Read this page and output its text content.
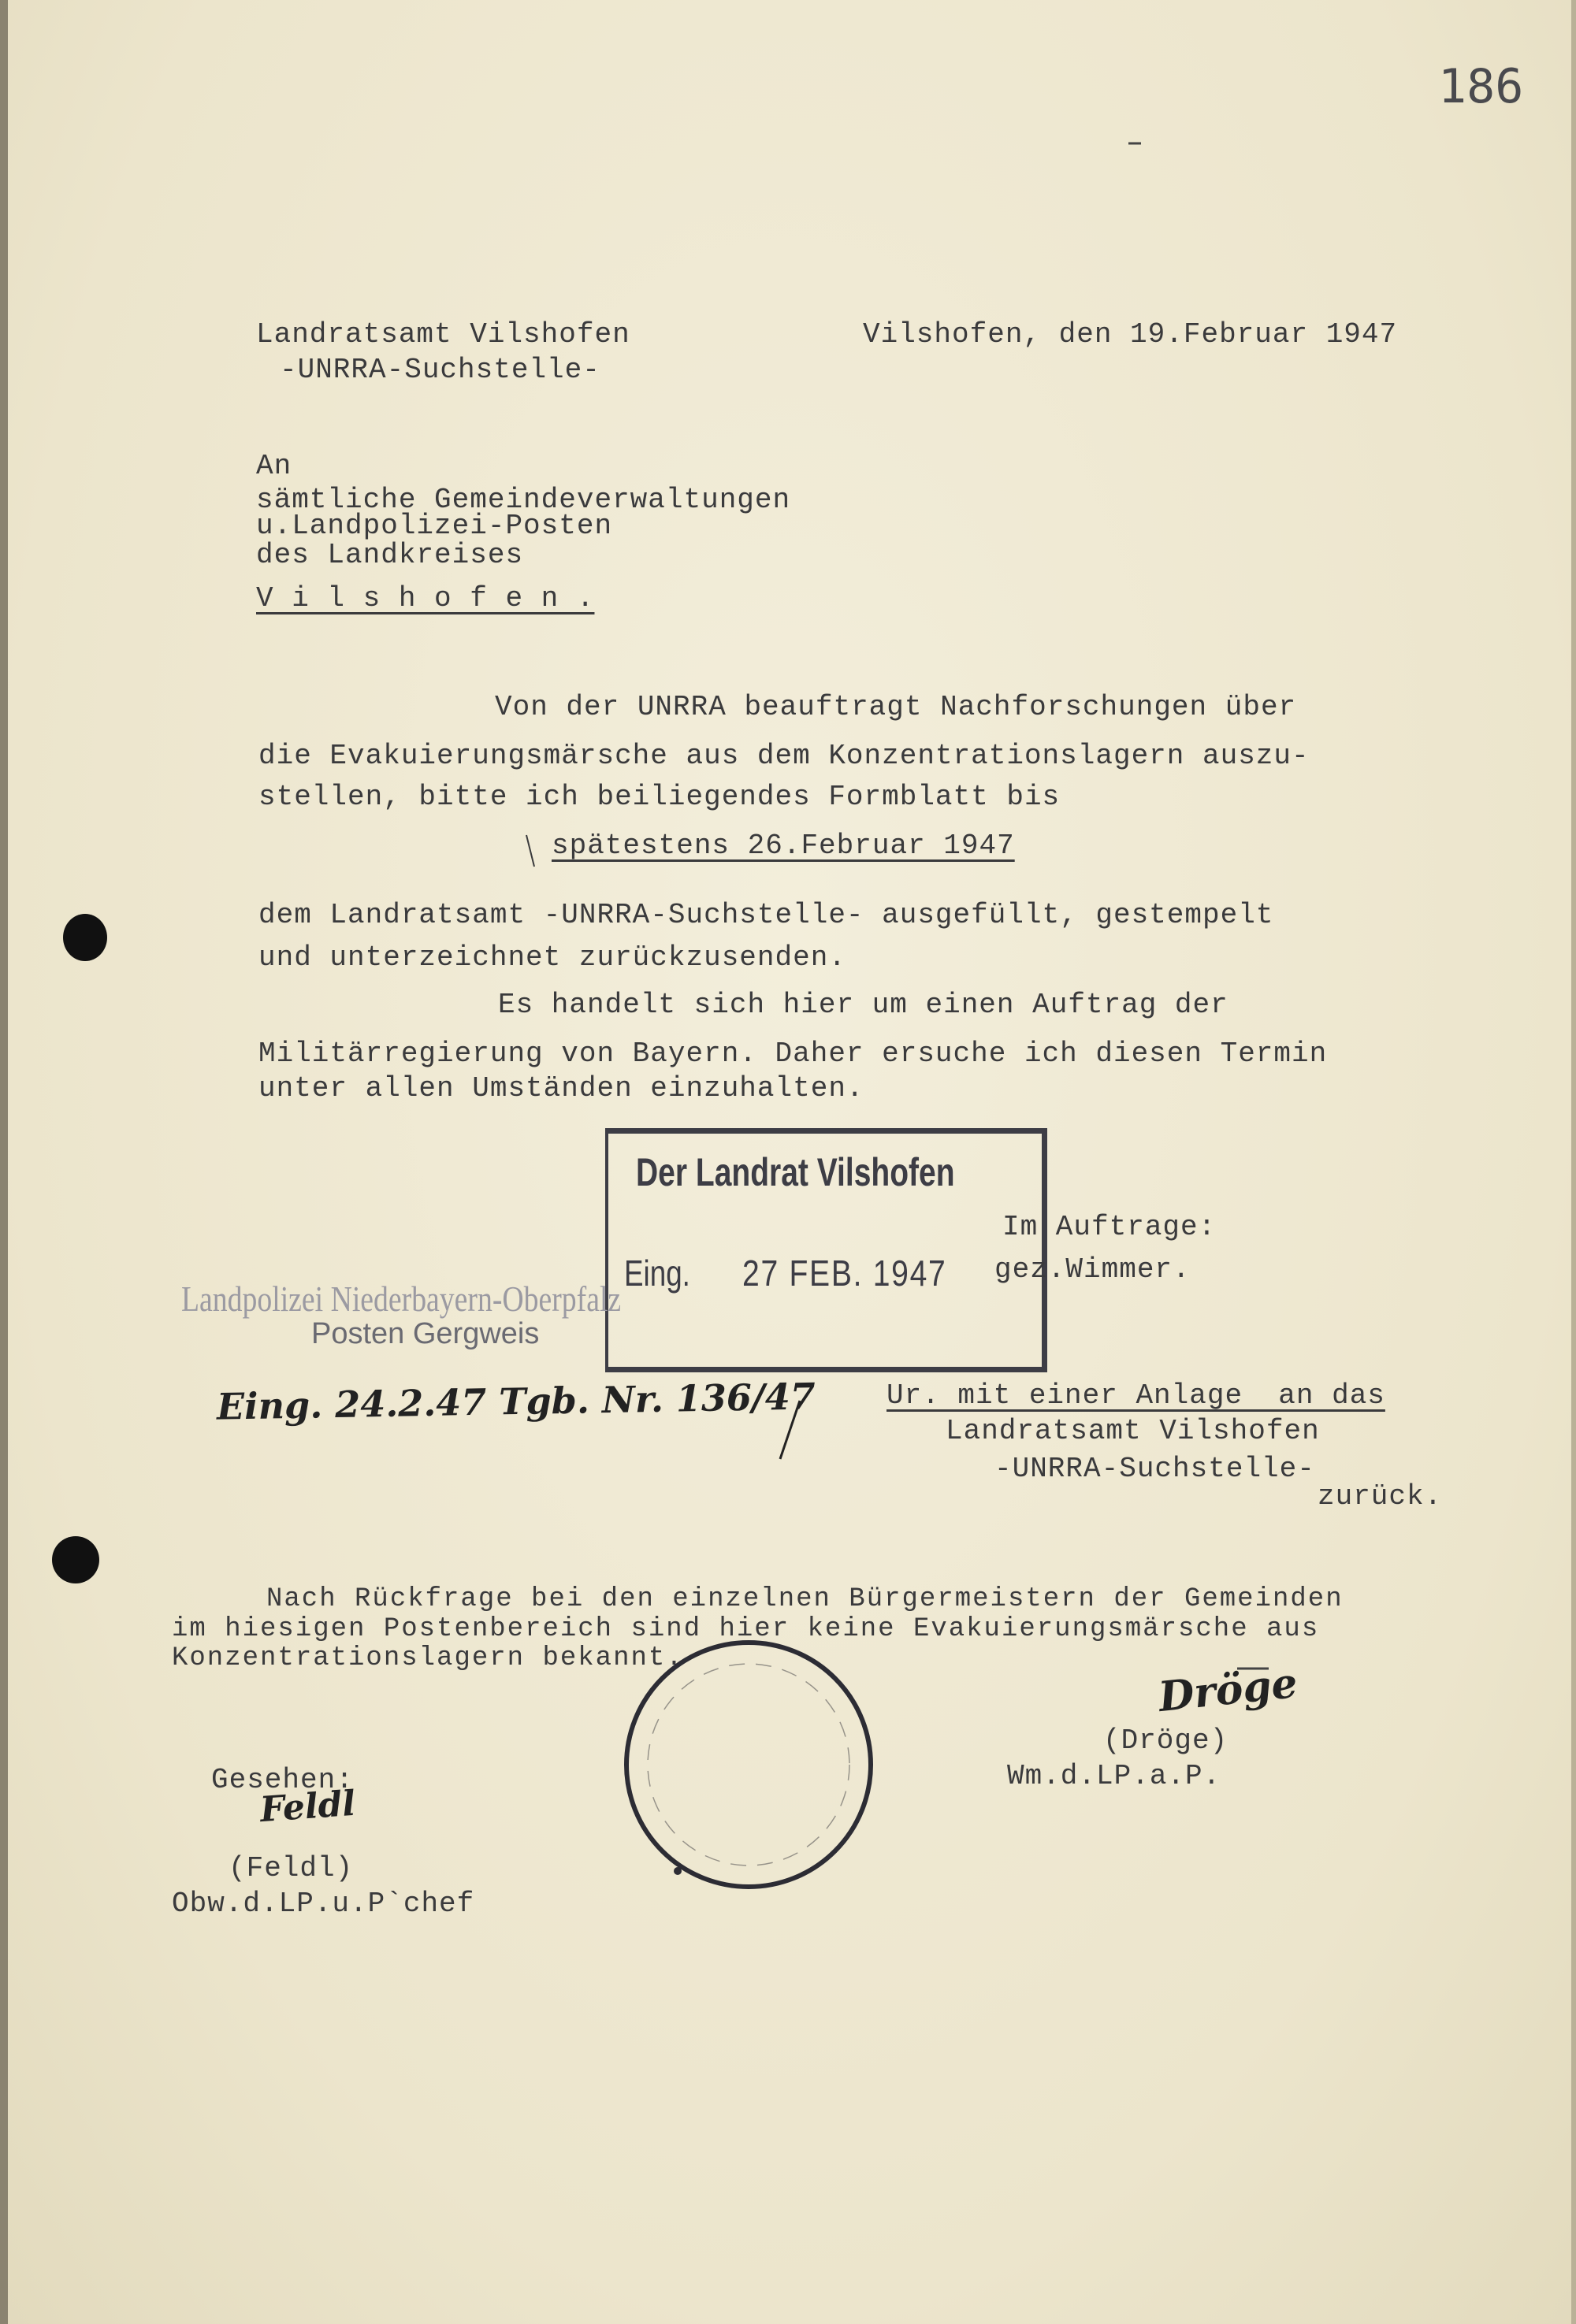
186
Landratsamt Vilshofen
-UNRRA-Suchstelle-
Vilshofen, den 19.Februar 1947
An
sämtliche Gemeindeverwaltungen
u.Landpolizei-Posten
des Landkreises
V i l s h o f e n .
Von der UNRRA beauftragt Nachforschungen über
die Evakuierungsmärsche aus dem Konzentrationslagern auszu-
stellen, bitte ich beiliegendes Formblatt bis
spätestens 26.Februar 1947
dem Landratsamt -UNRRA-Suchstelle- ausgefüllt, gestempelt
und unterzeichnet zurückzusenden.
Es handelt sich hier um einen Auftrag der
Militärregierung von Bayern. Daher ersuche ich diesen Termin
unter allen Umständen einzuhalten.
Der Landrat Vilshofen
Eing. 27 FEB. 1947
Im Auftrage:
gez.Wimmer.
Landpolizei Niederbayern-Oberpfalz
Posten Gergweis
Eing. 24.2.47 Tgb. Nr. 136/47 Ur. mit einer Anlage  an das
Landratsamt Vilshofen
-UNRRA-Suchstelle-
zurück.
Nach Rückfrage bei den einzelnen Bürgermeistern der Gemeinden
im hiesigen Postenbereich sind hier keine Evakuierungsmärsche aus
Konzentrationslagern bekannt.
Dröge
(Dröge)
Wm.d.LP.a.P.
Gesehen:
Feldl
(Feldl)
Obw.d.LP.u.P`chef
